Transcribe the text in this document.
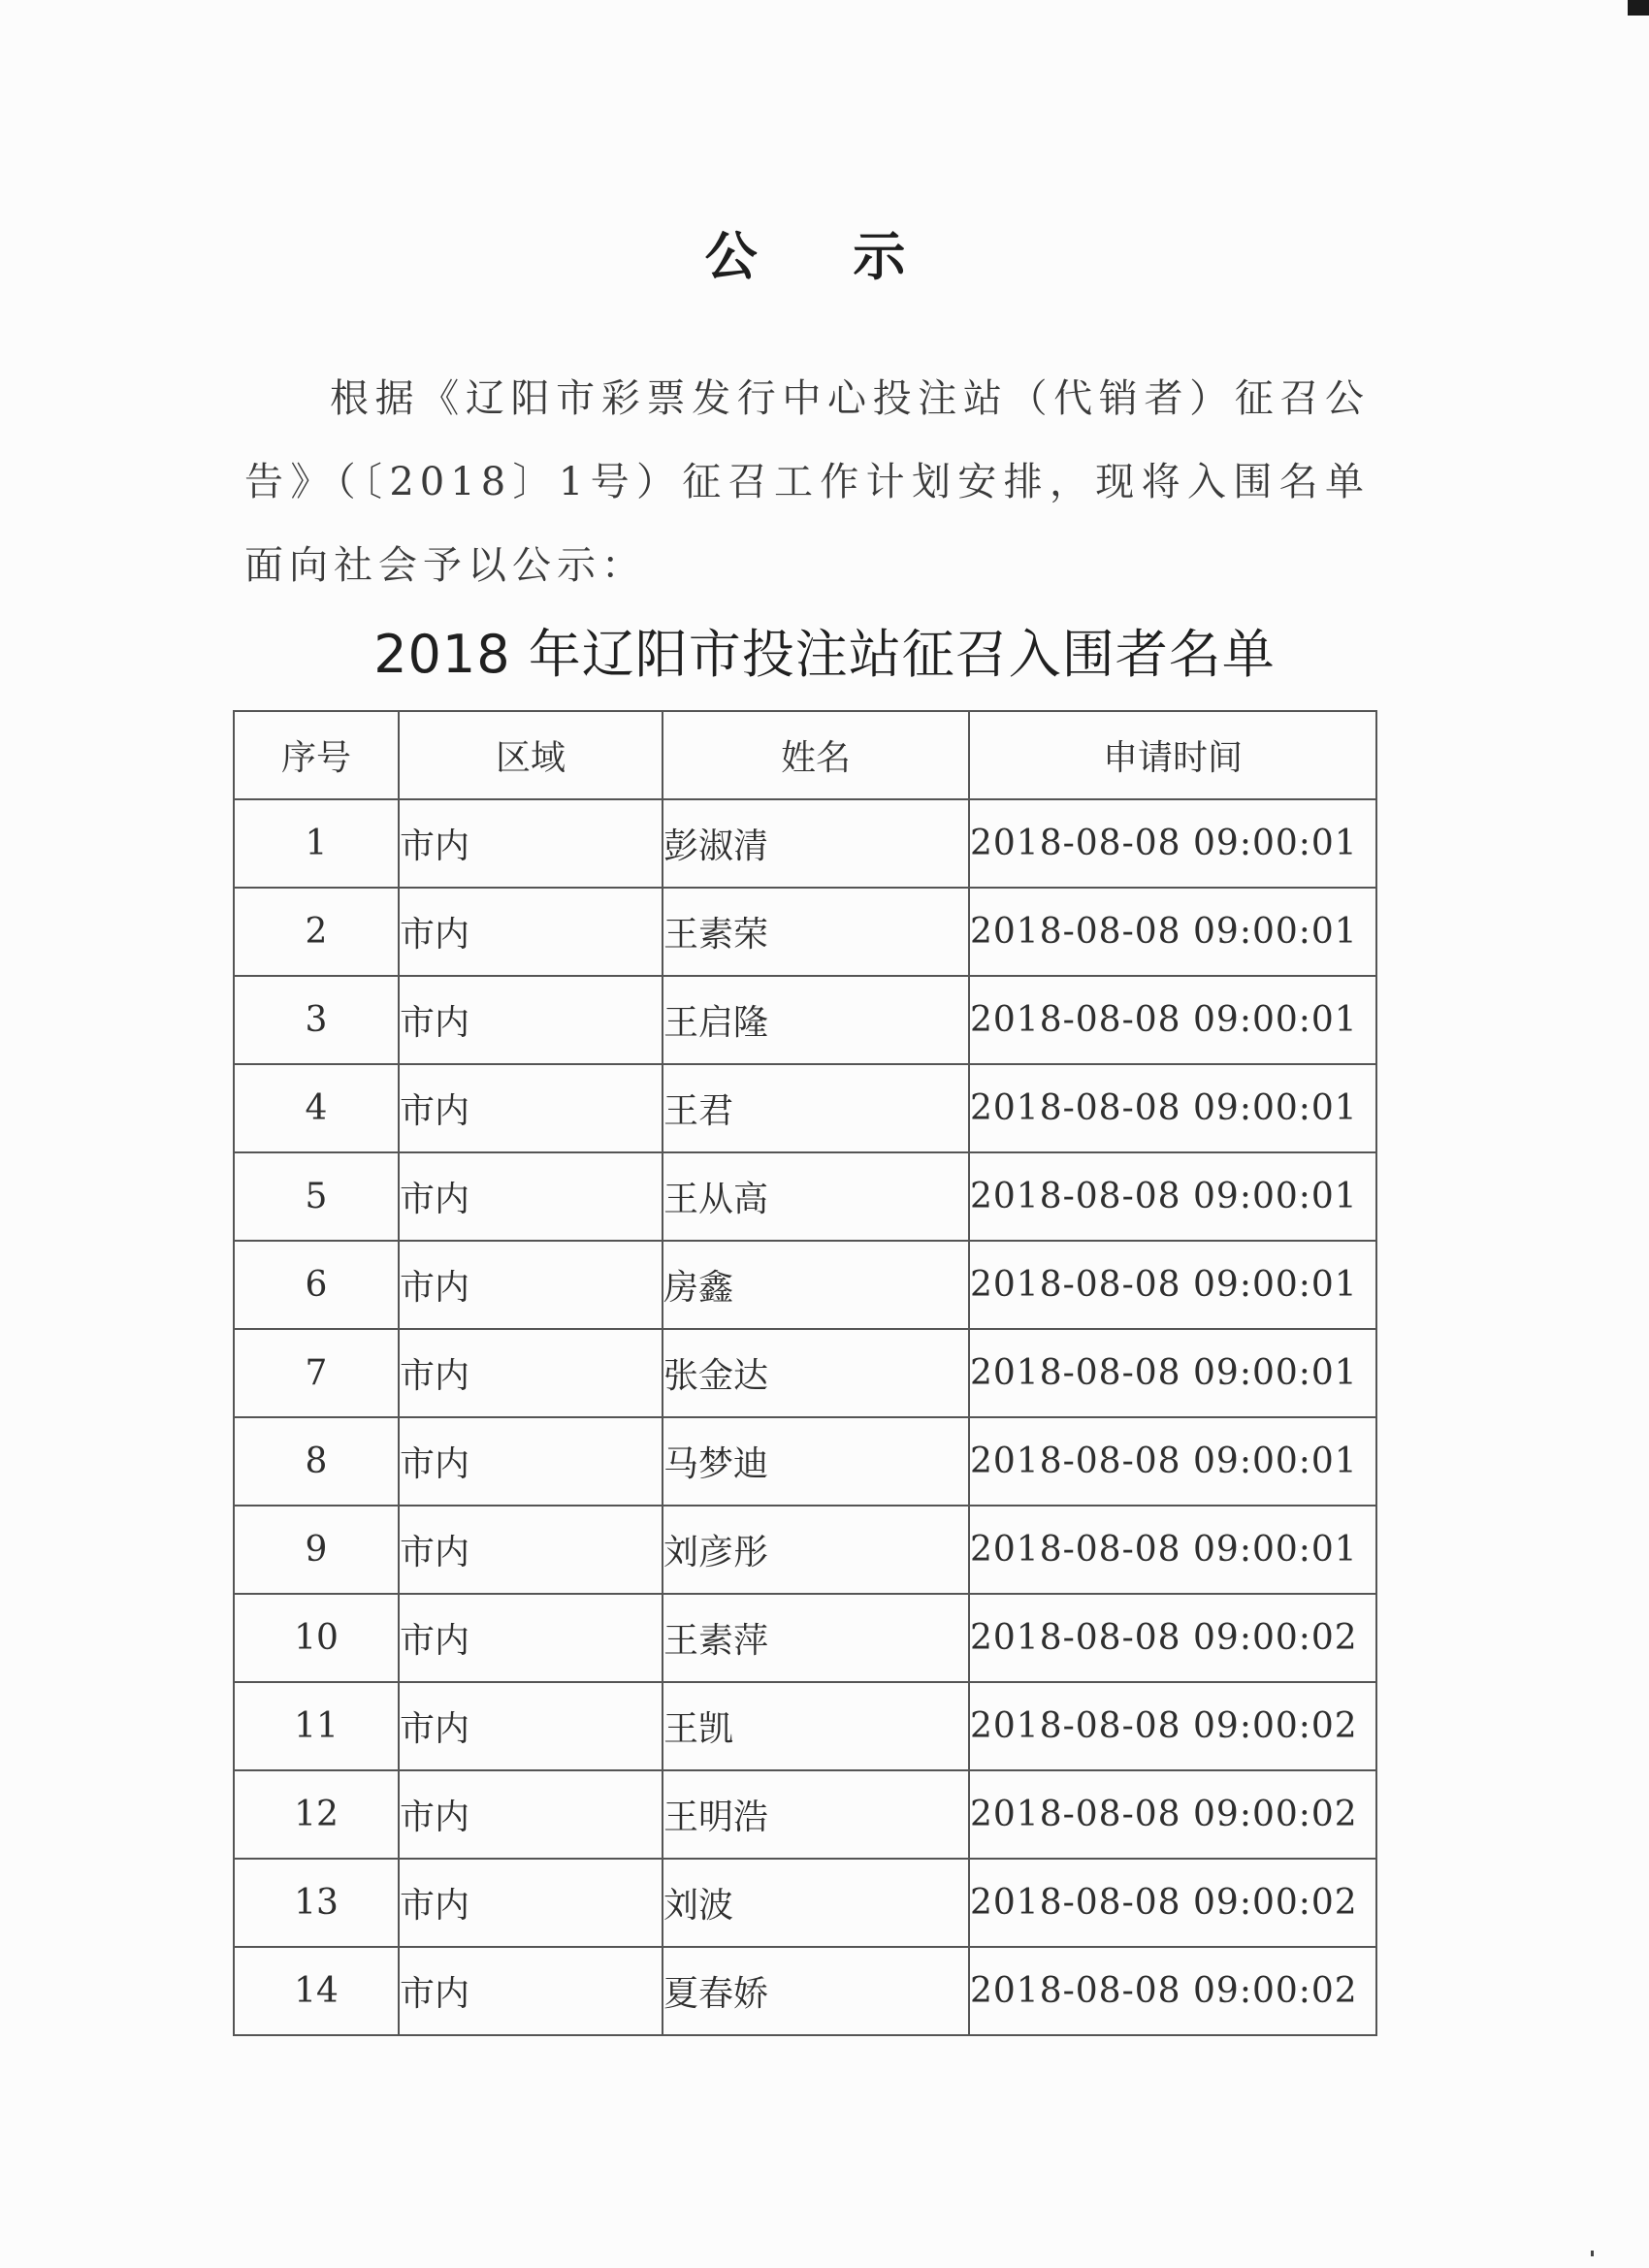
公 示
根据《辽阳市彩票发行中心投注站（代销者）征召公告》（〔2018〕1号）征召工作计划安排，现将入围名单面向社会予以公示：
2018 年辽阳市投注站征召入围者名单
序号	区域	姓名	申请时间
1	市内	彭淑清	2018-08-08 09:00:01
2	市内	王素荣	2018-08-08 09:00:01
3	市内	王启隆	2018-08-08 09:00:01
4	市内	王君	2018-08-08 09:00:01
5	市内	王从高	2018-08-08 09:00:01
6	市内	房鑫	2018-08-08 09:00:01
7	市内	张金达	2018-08-08 09:00:01
8	市内	马梦迪	2018-08-08 09:00:01
9	市内	刘彦彤	2018-08-08 09:00:01
10	市内	王素萍	2018-08-08 09:00:02
11	市内	王凯	2018-08-08 09:00:02
12	市内	王明浩	2018-08-08 09:00:02
13	市内	刘波	2018-08-08 09:00:02
14	市内	夏春娇	2018-08-08 09:00:02
